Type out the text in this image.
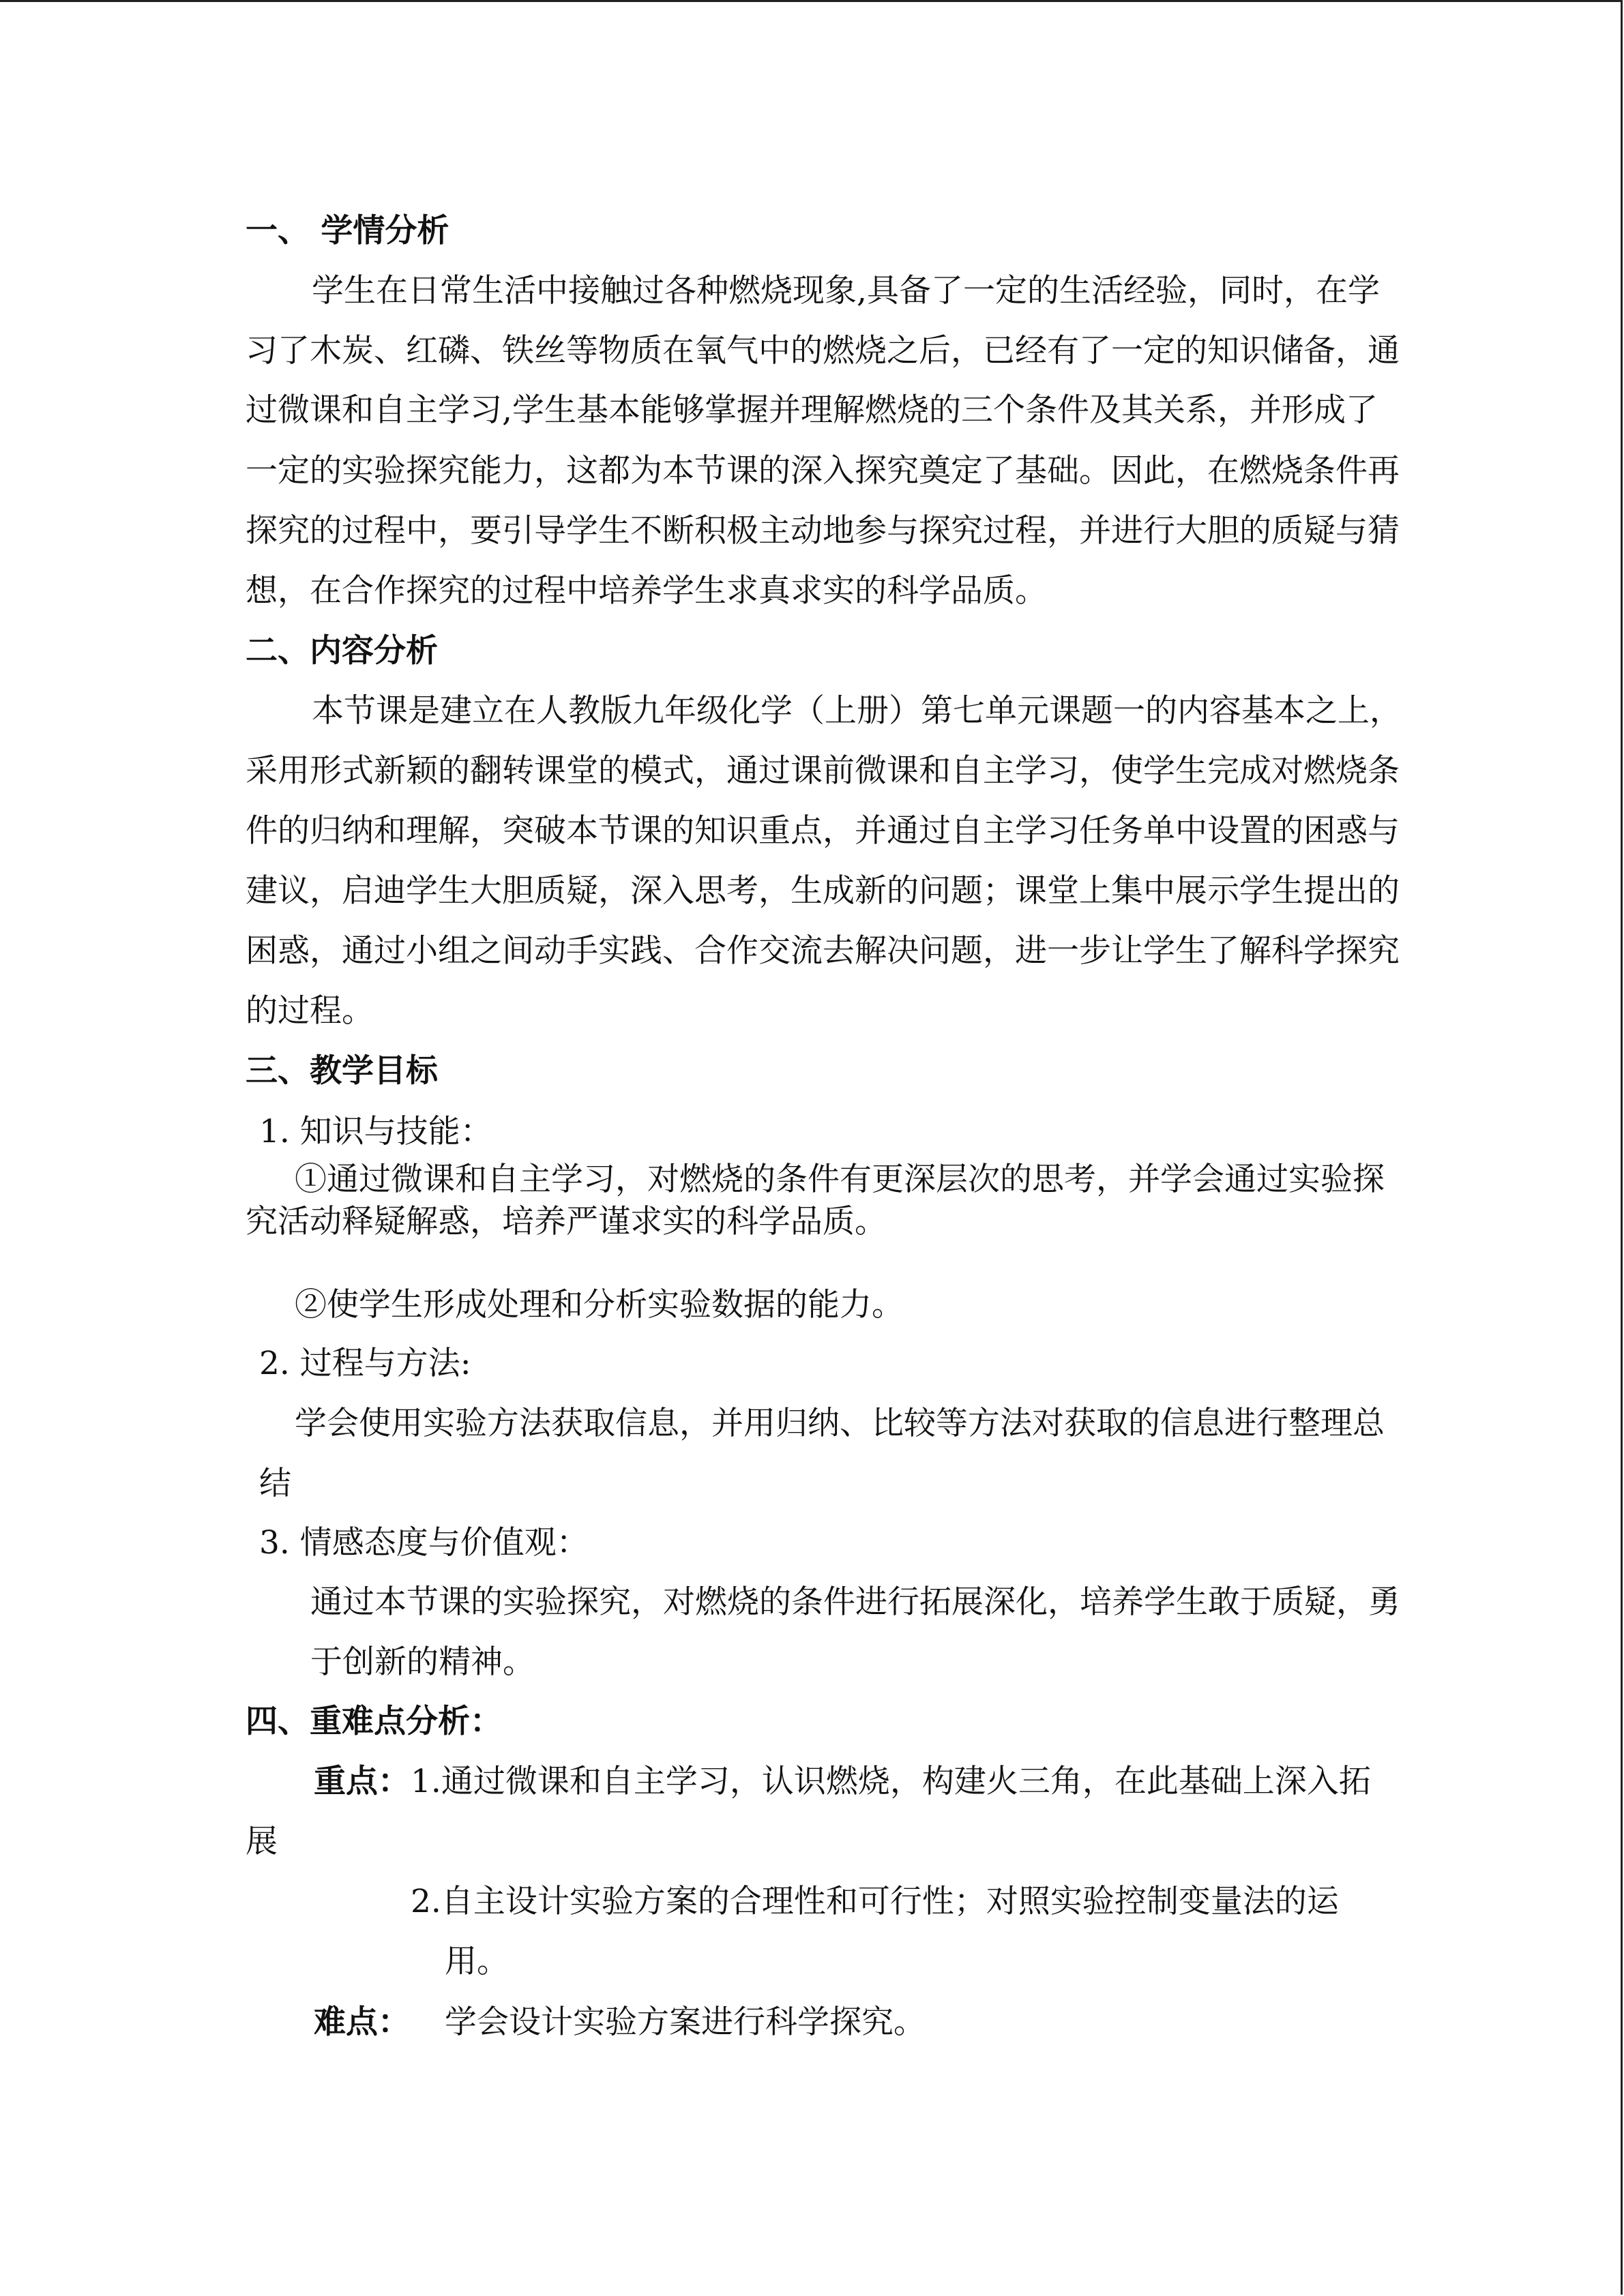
一、 学情分析
学生在日常生活中接触过各种燃烧现象,具备了一定的生活经验，同时，在学
习了木炭、红磷、铁丝等物质在氧气中的燃烧之后，已经有了一定的知识储备，通
过微课和自主学习,学生基本能够掌握并理解燃烧的三个条件及其关系，并形成了
一定的实验探究能力，这都为本节课的深入探究奠定了基础。因此，在燃烧条件再
探究的过程中，要引导学生不断积极主动地参与探究过程，并进行大胆的质疑与猜
想，在合作探究的过程中培养学生求真求实的科学品质。
二、内容分析
本节课是建立在人教版九年级化学（上册）第七单元课题一的内容基本之上，
采用形式新颖的翻转课堂的模式，通过课前微课和自主学习，使学生完成对燃烧条
件的归纳和理解，突破本节课的知识重点，并通过自主学习任务单中设置的困惑与
建议，启迪学生大胆质疑，深入思考，生成新的问题；课堂上集中展示学生提出的
困惑，通过小组之间动手实践、合作交流去解决问题，进一步让学生了解科学探究
的过程。
三、教学目标
1. 知识与技能：
①通过微课和自主学习，对燃烧的条件有更深层次的思考，并学会通过实验探
究活动释疑解惑，培养严谨求实的科学品质。
②使学生形成处理和分析实验数据的能力。
2. 过程与方法:
学会使用实验方法获取信息，并用归纳、比较等方法对获取的信息进行整理总
结
3. 情感态度与价值观：
通过本节课的实验探究，对燃烧的条件进行拓展深化，培养学生敢于质疑，勇
于创新的精神。
四、重难点分析：
重点： 1.通过微课和自主学习，认识燃烧，构建火三角，在此基础上深入拓
展
2.自主设计实验方案的合理性和可行性；对照实验控制变量法的运
用。
难点： 学会设计实验方案进行科学探究。
